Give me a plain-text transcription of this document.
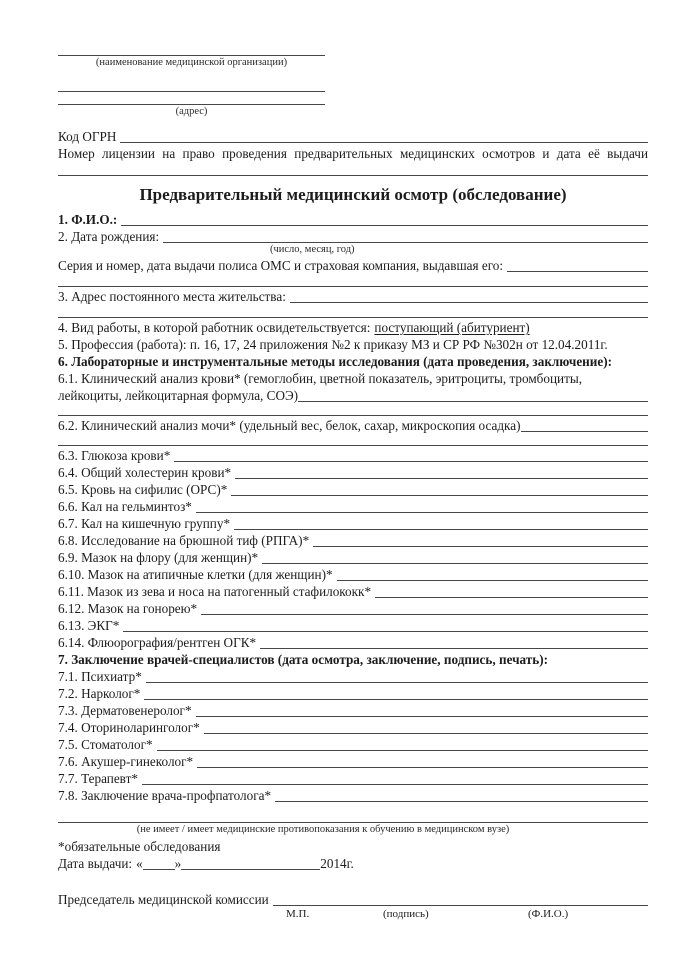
(наименование медицинской организации)
(адрес)
Код ОГРН
Номер лицензии на право проведения предварительных медицинских осмотров и дата её выдачи
Предварительный медицинский осмотр (обследование)
1. Ф.И.О.:
2. Дата рождения:
(число, месяц, год)
Серия и номер, дата выдачи полиса ОМС и страховая компания, выдавшая его:
3. Адрес постоянного места жительства:
4. Вид работы, в которой работник освидетельствуется: поступающий (абитуриент)
5. Профессия (работа): п. 16, 17, 24 приложения №2 к приказу МЗ и СР РФ №302н от 12.04.2011г.
6. Лабораторные и инструментальные методы исследования (дата проведения, заключение):
6.1. Клинический анализ крови* (гемоглобин, цветной показатель, эритроциты, тромбоциты,
лейкоциты, лейкоцитарная формула, СОЭ)
6.2. Клинический анализ мочи* (удельный вес, белок, сахар, микроскопия осадка)
6.3. Глюкоза крови*
6.4. Общий холестерин крови*
6.5. Кровь на сифилис (ОРС)*
6.6. Кал на гельминтоз*
6.7. Кал на кишечную группу*
6.8. Исследование на брюшной тиф (РПГА)*
6.9. Мазок на флору (для женщин)*
6.10. Мазок на атипичные клетки (для женщин)*
6.11. Мазок из зева и носа на патогенный стафилококк*
6.12. Мазок на гонорею*
6.13. ЭКГ*
6.14. Флюорография/рентген ОГК*
7. Заключение врачей-специалистов (дата осмотра, заключение, подпись, печать):
7.1. Психиатр*
7.2. Нарколог*
7.3. Дерматовенеролог*
7.4. Оториноларинголог*
7.5. Стоматолог*
7.6. Акушер-гинеколог*
7.7. Терапевт*
7.8. Заключение врача-профпатолога*
(не имеет / имеет медицинские противопоказания к обучению в медицинском вузе)
*обязательные обследования
Дата выдачи: « »	2014г.
Председатель медицинской комиссии
М.П.	(подпись)	(Ф.И.О.)
